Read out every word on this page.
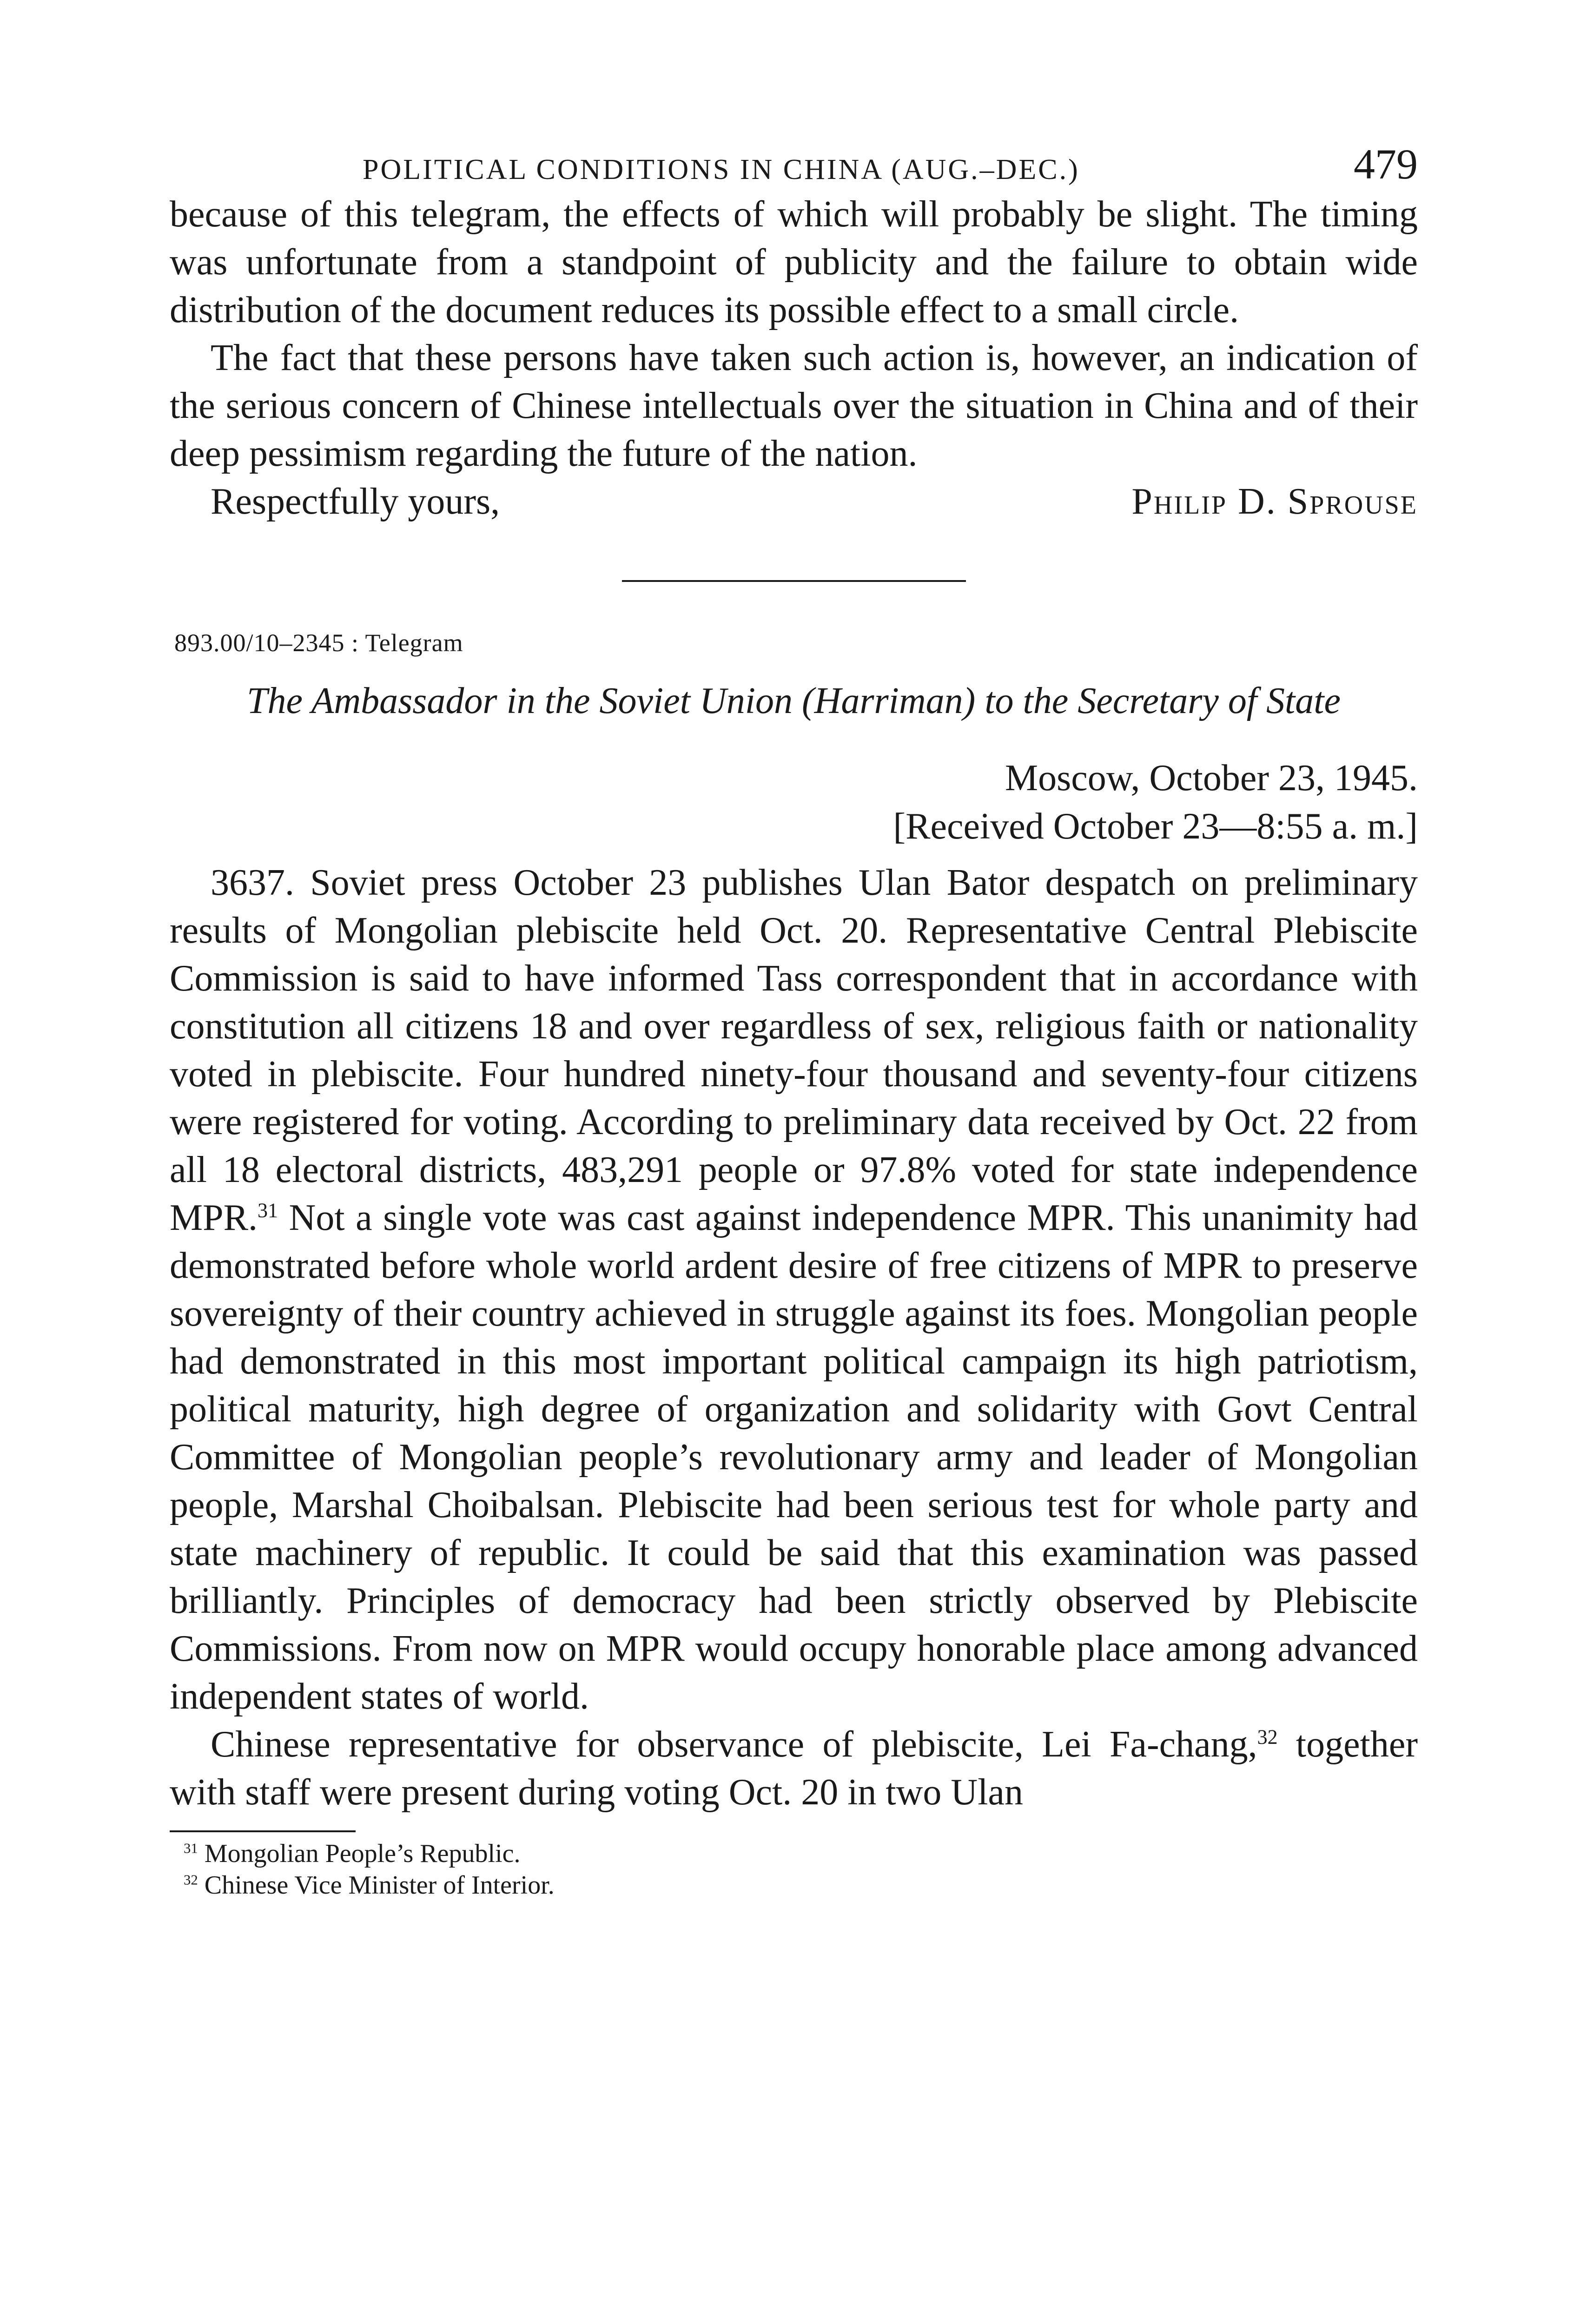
POLITICAL CONDITIONS IN CHINA (AUG.–DEC.)	479

because of this telegram, the effects of which will probably be slight. The timing was unfortunate from a standpoint of publicity and the failure to obtain wide distribution of the document reduces its possible effect to a small circle.

The fact that these persons have taken such action is, however, an indication of the serious concern of Chinese intellectuals over the situation in China and of their deep pessimism regarding the future of the nation.

Respectfully yours,	Philip D. Sprouse
893.00/10–2345 : Telegram
The Ambassador in the Soviet Union (Harriman) to the Secretary of State
Moscow, October 23, 1945.
[Received October 23—8:55 a. m.]

3637. Soviet press October 23 publishes Ulan Bator despatch on preliminary results of Mongolian plebiscite held Oct. 20. Representative Central Plebiscite Commission is said to have informed Tass correspondent that in accordance with constitution all citizens 18 and over regardless of sex, religious faith or nationality voted in plebiscite. Four hundred ninety-four thousand and seventy-four citizens were registered for voting. According to preliminary data received by Oct. 22 from all 18 electoral districts, 483,291 people or 97.8% voted for state independence MPR.$^{31}$ Not a single vote was cast against independence MPR. This unanimity had demonstrated before whole world ardent desire of free citizens of MPR to preserve sovereignty of their country achieved in struggle against its foes. Mongolian people had demonstrated in this most important political campaign its high patriotism, political maturity, high degree of organization and solidarity with Govt Central Committee of Mongolian people’s revolutionary army and leader of Mongolian people, Marshal Choibalsan. Plebiscite had been serious test for whole party and state machinery of republic. It could be said that this examination was passed brilliantly. Principles of democracy had been strictly observed by Plebiscite Commissions. From now on MPR would occupy honorable place among advanced independent states of world.

Chinese representative for observance of plebiscite, Lei Fa-chang,$^{32}$ together with staff were present during voting Oct. 20 in two Ulan

$^{31}$ Mongolian People’s Republic.
$^{32}$ Chinese Vice Minister of Interior.
